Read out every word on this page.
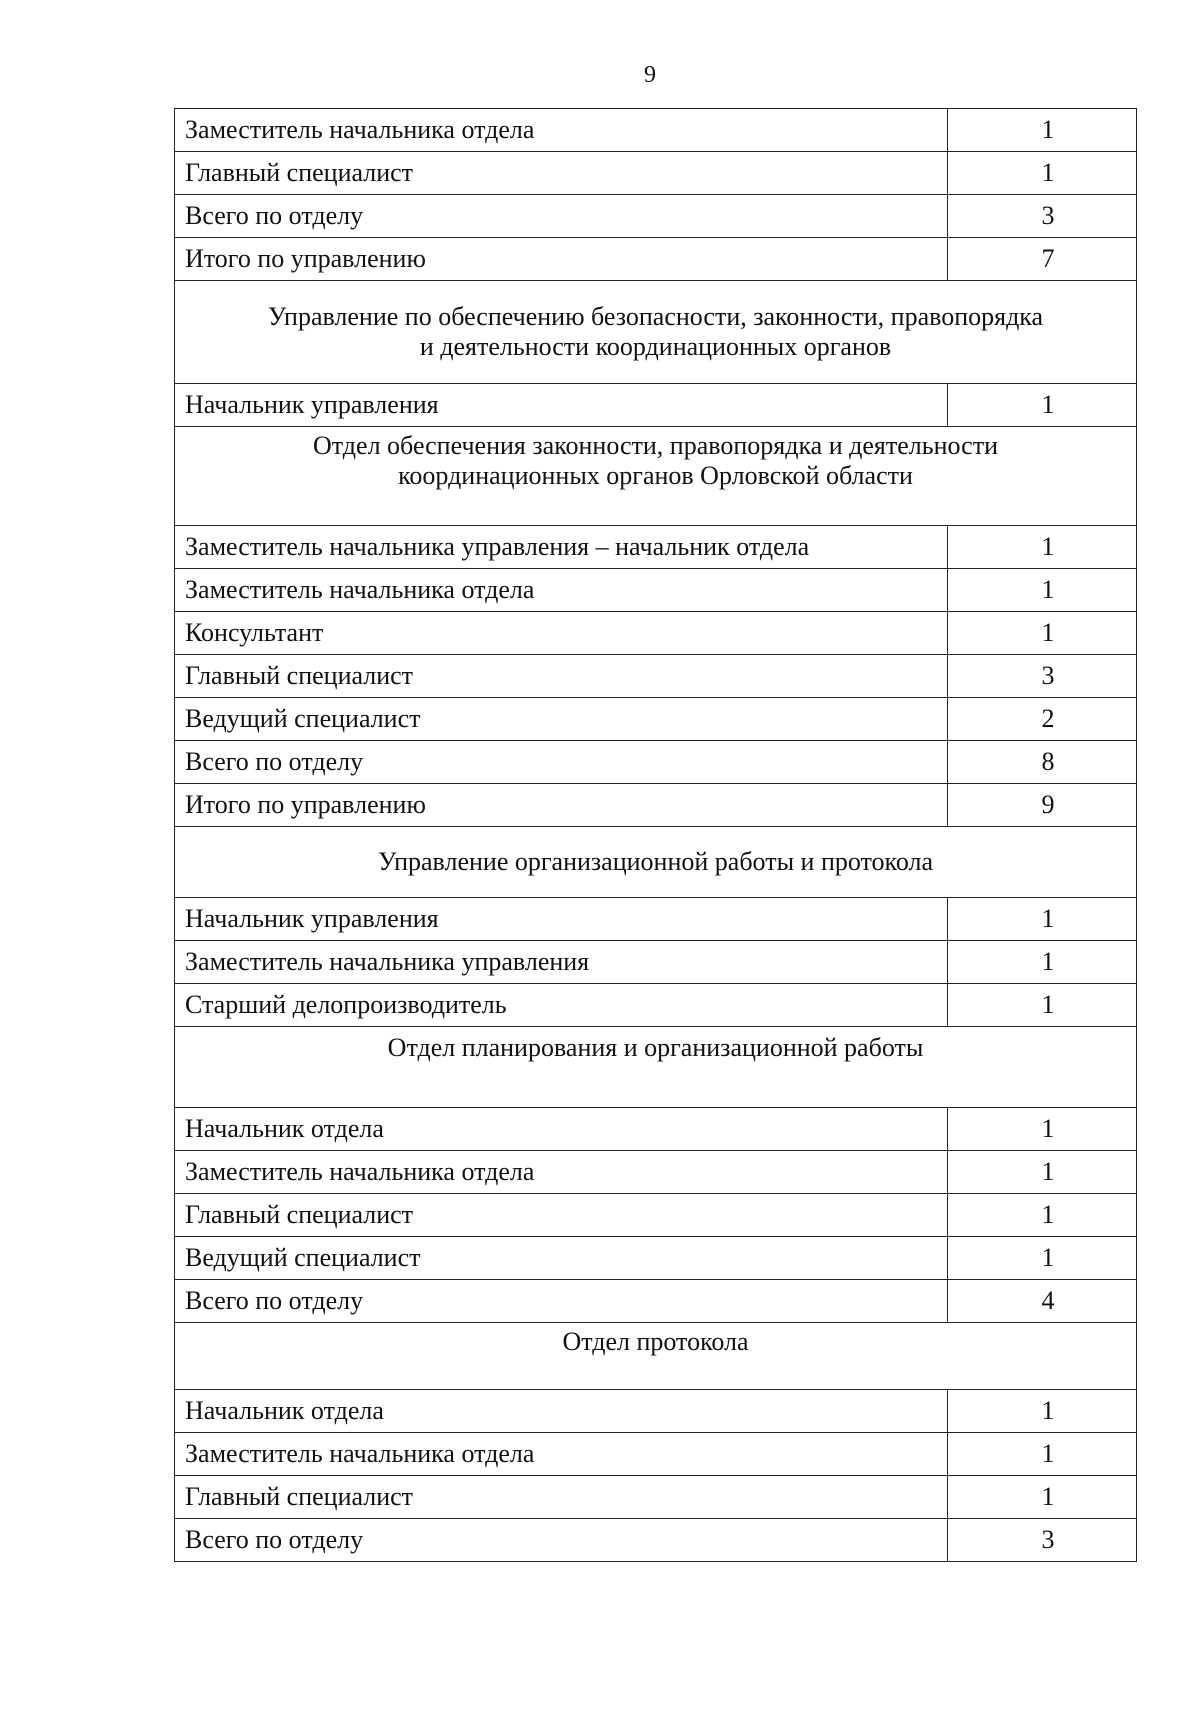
9
Заместитель начальника отдела	1
Главный специалист	1
Всего по отделу	3
Итого по управлению	7

Управление по обеспечению безопасности, законности, правопорядка
и деятельности координационных органов	

Начальник управления	1

Отдел обеспечения законности, правопорядка и деятельности
координационных органов Орловской области	

Заместитель начальника управления – начальник отдела	1
Заместитель начальника отдела	1
Консультант	1
Главный специалист	3
Ведущий специалист	2
Всего по отделу	8
Итого по управлению	9

Управление организационной работы и протокола	

Начальник управления	1
Заместитель начальника управления	1
Старший делопроизводитель	1

Отдел планирования и организационной работы	

Начальник отдела	1
Заместитель начальника отдела	1
Главный специалист	1
Ведущий специалист	1
Всего по отделу	4

Отдел протокола	

Начальник отдела	1
Заместитель начальника отдела	1
Главный специалист	1
Всего по отделу	3
